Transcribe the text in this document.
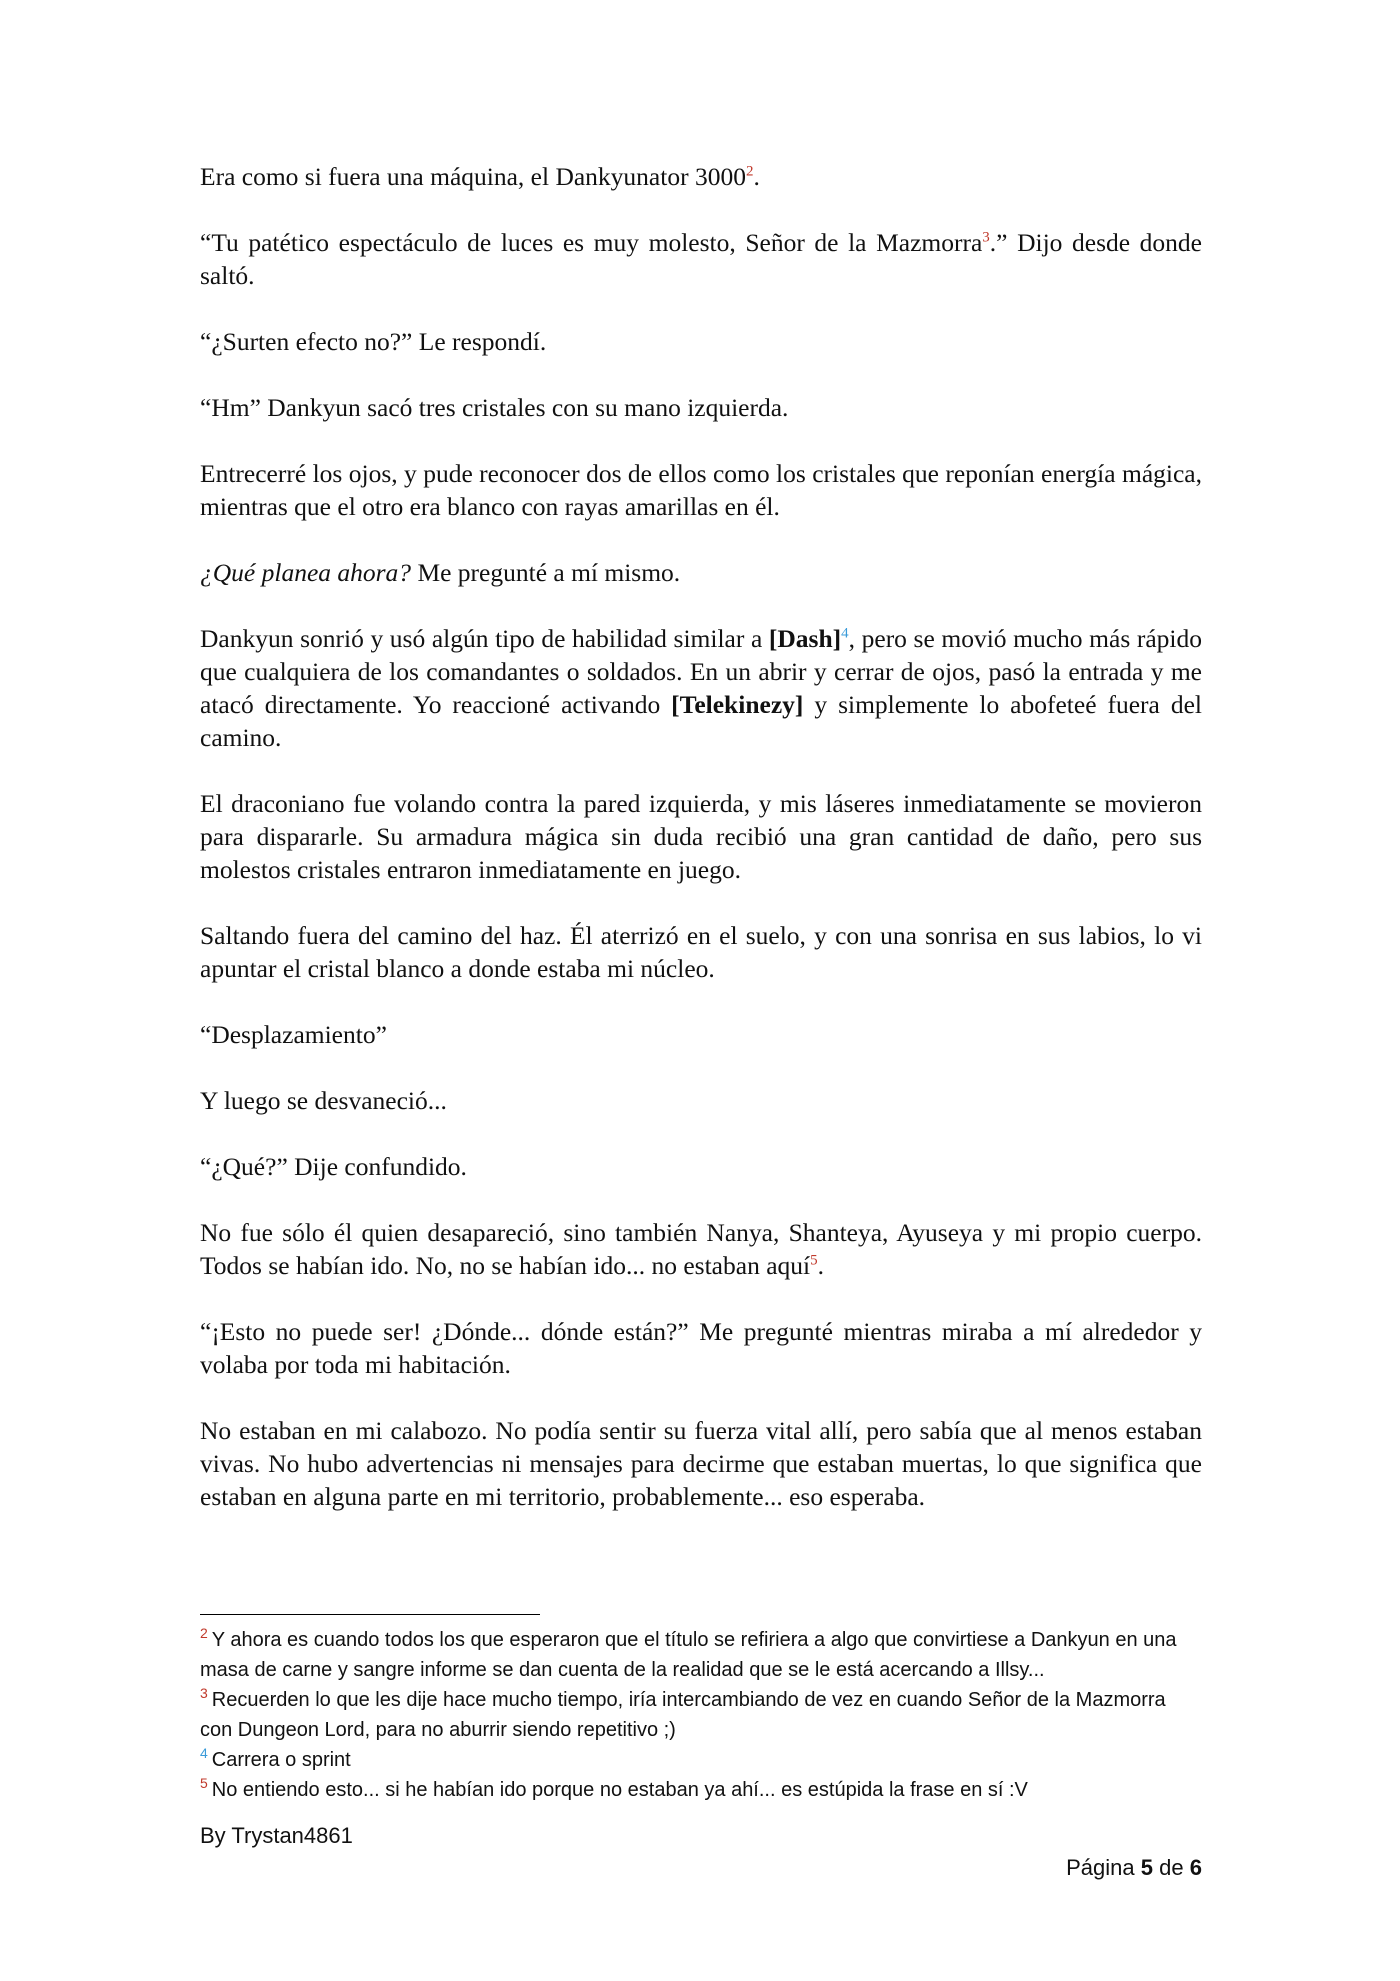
Era como si fuera una máquina, el Dankyunator 3000$^2$.

“Tu patético espectáculo de luces es muy molesto, Señor de la Mazmorra$^3$.” Dijo desde donde saltó.

“¿Surten efecto no?” Le respondí.

“Hm” Dankyun sacó tres cristales con su mano izquierda.

Entrecerré los ojos, y pude reconocer dos de ellos como los cristales que reponían energía mágica, mientras que el otro era blanco con rayas amarillas en él.

¿Qué planea ahora? Me pregunté a mí mismo.

Dankyun sonrió y usó algún tipo de habilidad similar a [Dash]$^4$, pero se movió mucho más rápido que cualquiera de los comandantes o soldados. En un abrir y cerrar de ojos, pasó la entrada y me atacó directamente. Yo reaccioné activando [Telekinezy] y simplemente lo abofeteé fuera del camino.

El draconiano fue volando contra la pared izquierda, y mis láseres inmediatamente se movieron para dispararle. Su armadura mágica sin duda recibió una gran cantidad de daño, pero sus molestos cristales entraron inmediatamente en juego.

Saltando fuera del camino del haz. Él aterrizó en el suelo, y con una sonrisa en sus labios, lo vi apuntar el cristal blanco a donde estaba mi núcleo.

“Desplazamiento”

Y luego se desvaneció...

“¿Qué?” Dije confundido.

No fue sólo él quien desapareció, sino también Nanya, Shanteya, Ayuseya y mi propio cuerpo. Todos se habían ido. No, no se habían ido... no estaban aquí$^5$.

“¡Esto no puede ser! ¿Dónde... dónde están?” Me pregunté mientras miraba a mí alrededor y volaba por toda mi habitación.

No estaban en mi calabozo. No podía sentir su fuerza vital allí, pero sabía que al menos estaban vivas. No hubo advertencias ni mensajes para decirme que estaban muertas, lo que significa que estaban en alguna parte en mi territorio, probablemente... eso esperaba.

$^2$ Y ahora es cuando todos los que esperaron que el título se refiriera a algo que convirtiese a Dankyun en una masa de carne y sangre informe se dan cuenta de la realidad que se le está acercando a Illsy...

$^3$ Recuerden lo que les dije hace mucho tiempo, iría intercambiando de vez en cuando Señor de la Mazmorra con Dungeon Lord, para no aburrir siendo repetitivo ;)

$^4$ Carrera o sprint

$^5$ No entiendo esto... si he habían ido porque no estaban ya ahí... es estúpida la frase en sí :V

By Trystan4861
Página 5 de 6
